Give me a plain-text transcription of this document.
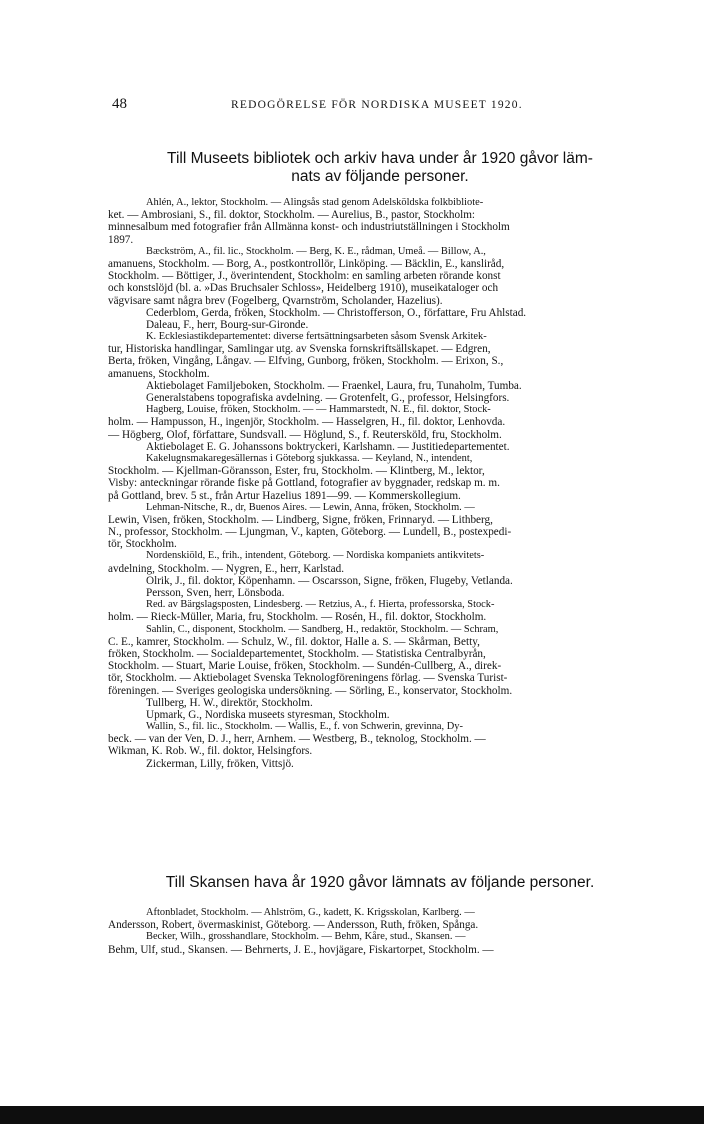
48	REDOGÖRELSE FÖR NORDISKA MUSEET 1920.
Till Museets bibliotek och arkiv hava under år 1920 gåvor läm-
nats av följande personer.
Ahlén, A., lektor, Stockholm. — Alingsås stad genom Adelsköldska folkbibliote-
ket. — Ambrosiani, S., fil. doktor, Stockholm. — Aurelius, B., pastor, Stockholm:
minnesalbum med fotografier från Allmänna konst- och industriutställningen i Stockholm
1897.
Bæckström, A., fil. lic., Stockholm. — Berg, K. E., rådman, Umeå. — Billow, A.,
amanuens, Stockholm. — Borg, A., postkontrollör, Linköping. — Bäcklin, E., kansliråd,
Stockholm. — Böttiger, J., överintendent, Stockholm: en samling arbeten rörande konst
och konstslöjd (bl. a. »Das Bruchsaler Schloss», Heidelberg 1910), museikataloger och
vägvisare samt några brev (Fogelberg, Qvarnström, Scholander, Hazelius).
Cederblom, Gerda, fröken, Stockholm. — Christofferson, O., författare, Fru Ahlstad.
Daleau, F., herr, Bourg-sur-Gironde.
K. Ecklesiastikdepartementet: diverse fertsättningsarbeten såsom Svensk Arkitek-
tur, Historiska handlingar, Samlingar utg. av Svenska fornskriftsällskapet. — Edgren,
Berta, fröken, Vingång, Långav. — Elfving, Gunborg, fröken, Stockholm. — Erixon, S.,
amanuens, Stockholm.
Aktiebolaget Familjeboken, Stockholm. — Fraenkel, Laura, fru, Tunaholm, Tumba.
Generalstabens topografiska avdelning. — Grotenfelt, G., professor, Helsingfors.
Hagberg, Louise, fröken, Stockholm. — — Hammarstedt, N. E., fil. doktor, Stock-
holm. — Hampusson, H., ingenjör, Stockholm. — Hasselgren, H., fil. doktor, Lenhovda.
— Högberg, Olof, författare, Sundsvall. — Höglund, S., f. Reutersköld, fru, Stockholm.
Aktiebolaget E. G. Johanssons boktryckeri, Karlshamn. — Justitiedepartementet.
Kakelugnsmakaregesällernas i Göteborg sjukkassa. — Keyland, N., intendent,
Stockholm. — Kjellman-Göransson, Ester, fru, Stockholm. — Klintberg, M., lektor,
Visby: anteckningar rörande fiske på Gottland, fotografier av byggnader, redskap m. m.
på Gottland, brev. 5 st., från Artur Hazelius 1891—99. — Kommerskollegium.
Lehman-Nitsche, R., dr, Buenos Aires. — Lewin, Anna, fröken, Stockholm. —
Lewin, Visen, fröken, Stockholm. — Lindberg, Signe, fröken, Frinnaryd. — Lithberg,
N., professor, Stockholm. — Ljungman, V., kapten, Göteborg. — Lundell, B., postexpedi-
tör, Stockholm.
Nordenskiöld, E., frih., intendent, Göteborg. — Nordiska kompaniets antikvitets-
avdelning, Stockholm. — Nygren, E., herr, Karlstad.
Olrik, J., fil. doktor, Köpenhamn. — Oscarsson, Signe, fröken, Flugeby, Vetlanda.
Persson, Sven, herr, Lönsboda.
Red. av Bärgslagsposten, Lindesberg. — Retzius, A., f. Hierta, professorska, Stock-
holm. — Rieck-Müller, Maria, fru, Stockholm. — Rosén, H., fil. doktor, Stockholm.
Sahlin, C., disponent, Stockholm. — Sandberg, H., redaktör, Stockholm. — Schram,
C. E., kamrer, Stockholm. — Schulz, W., fil. doktor, Halle a. S. — Skårman, Betty,
fröken, Stockholm. — Socialdepartementet, Stockholm. — Statistiska Centralbyrån,
Stockholm. — Stuart, Marie Louise, fröken, Stockholm. — Sundén-Cullberg, A., direk-
tör, Stockholm. — Aktiebolaget Svenska Teknologföreningens förlag. — Svenska Turist-
föreningen. — Sveriges geologiska undersökning. — Sörling, E., konservator, Stockholm.
Tullberg, H. W., direktör, Stockholm.
Upmark, G., Nordiska museets styresman, Stockholm.
Wallin, S., fil. lic., Stockholm. — Wallis, E., f. von Schwerin, grevinna, Dy-
beck. — van der Ven, D. J., herr, Arnhem. — Westberg, B., teknolog, Stockholm. —
Wikman, K. Rob. W., fil. doktor, Helsingfors.
Zickerman, Lilly, fröken, Vittsjö.
Till Skansen hava år 1920 gåvor lämnats av följande personer.
Aftonbladet, Stockholm. — Ahlström, G., kadett, K. Krigsskolan, Karlberg. —
Andersson, Robert, övermaskinist, Göteborg. — Andersson, Ruth, fröken, Spånga.
Becker, Wilh., grosshandlare, Stockholm. — Behm, Kåre, stud., Skansen. —
Behm, Ulf, stud., Skansen. — Behrnerts, J. E., hovjägare, Fiskartorpet, Stockholm. —
